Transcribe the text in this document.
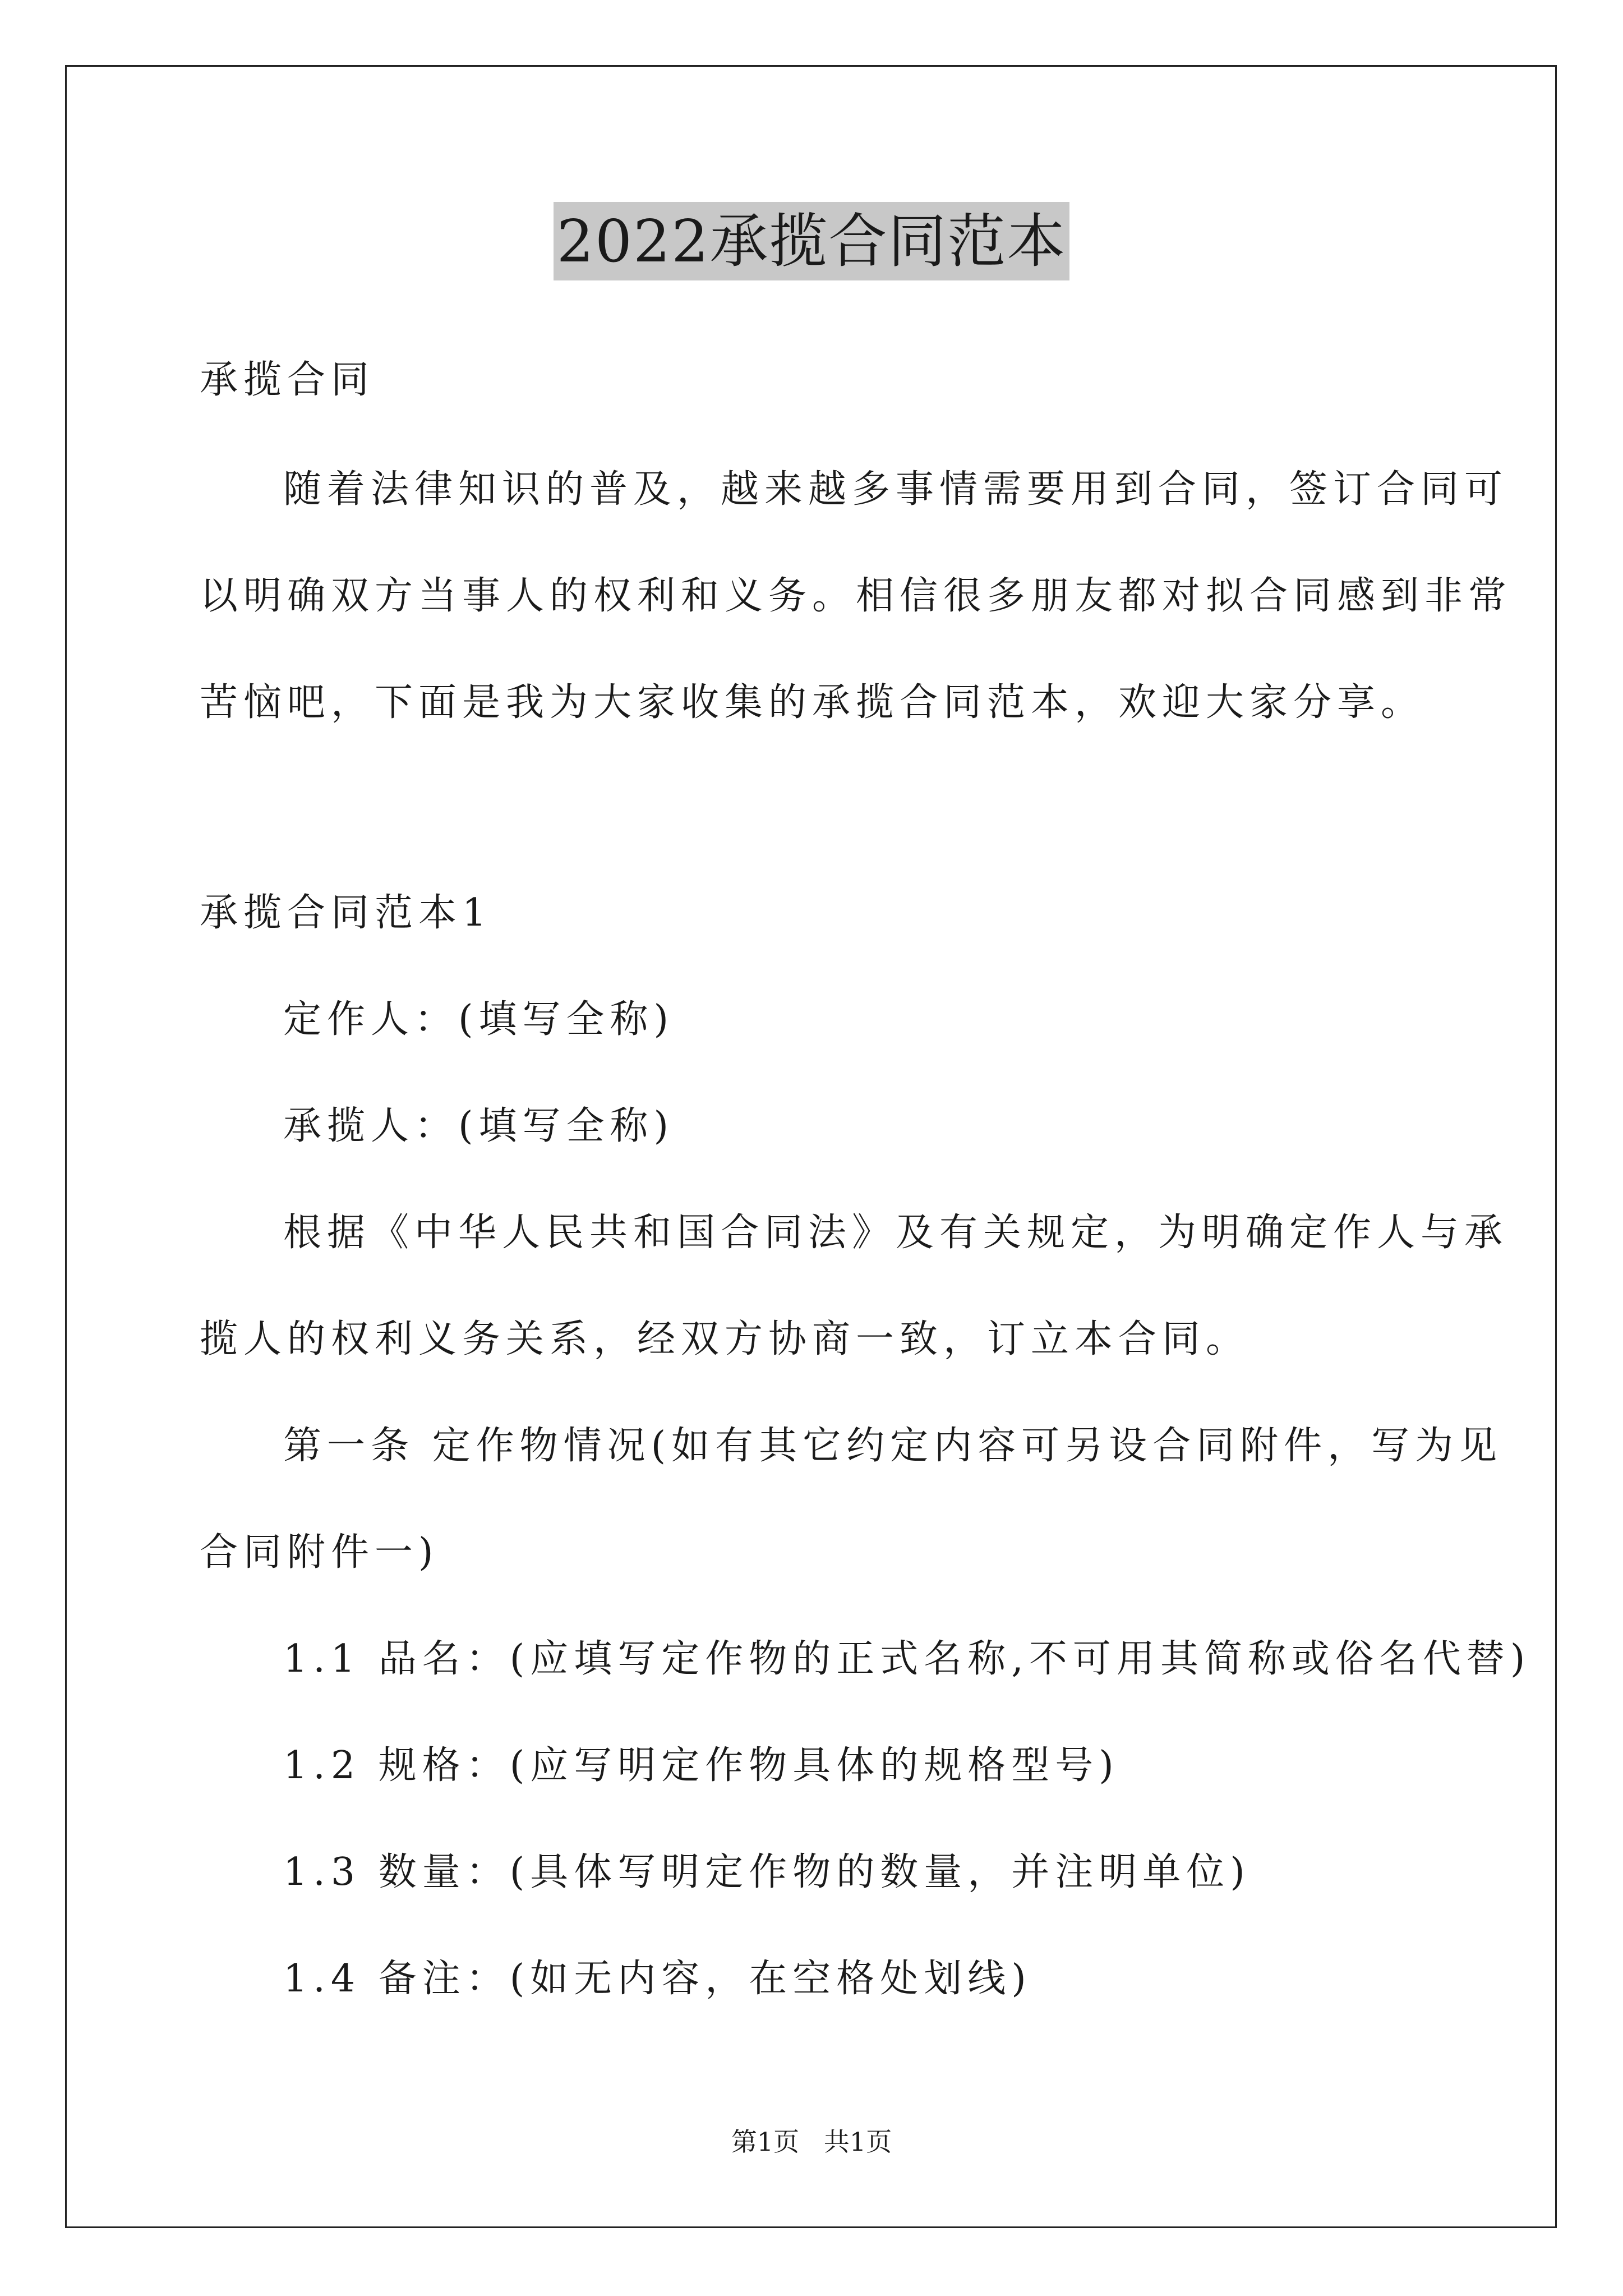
2022承揽合同范本
承揽合同
随着法律知识的普及，越来越多事情需要用到合同，签订合同可
以明确双方当事人的权利和义务。相信很多朋友都对拟合同感到非常
苦恼吧，下面是我为大家收集的承揽合同范本，欢迎大家分享。
承揽合同范本1
定作人：(填写全称)
承揽人：(填写全称)
根据《中华人民共和国合同法》及有关规定，为明确定作人与承
揽人的权利义务关系，经双方协商一致，订立本合同。
第一条 定作物情况(如有其它约定内容可另设合同附件，写为见
合同附件一)
1.1 品名：(应填写定作物的正式名称,不可用其简称或俗名代替)
1.2 规格：(应写明定作物具体的规格型号)
1.3 数量：(具体写明定作物的数量，并注明单位)
1.4 备注：(如无内容，在空格处划线)
第1页   共1页
